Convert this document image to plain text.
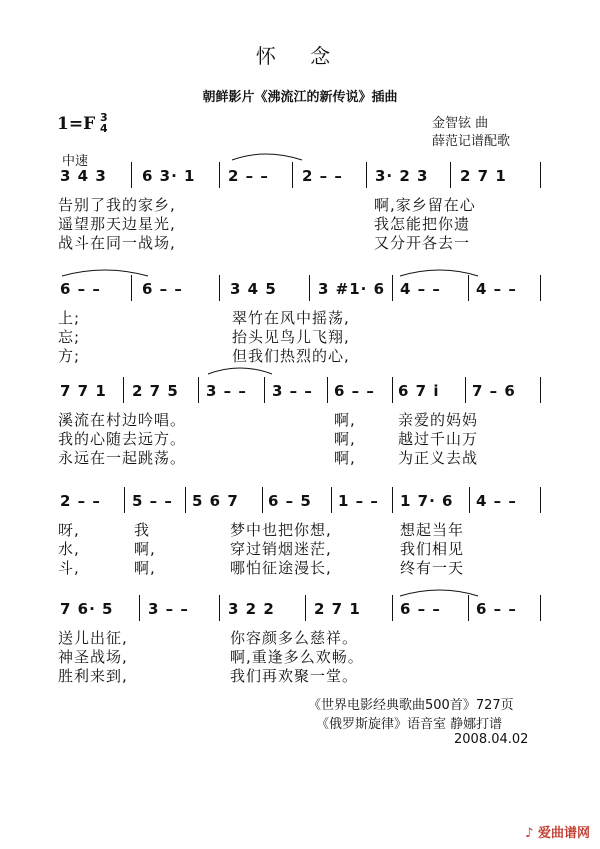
怀 念
朝鲜影片《沸流江的新传说》插曲
1=F 3
4	金智铉 曲
薛范记谱配歌
中速
3 4 3 6 3· 1 2 – – 2 – – 3· 2 3 2 7 1
告别了我的家乡,	啊,家乡留在心
遥望那天边星光,	我怎能把你遗
战斗在同一战场,	又分开各去一
6 – –	6 – –	3 4 5	3 #1· 6 4 – – 4 – –
上;	翠竹在风中摇荡,
忘;	抬头见鸟儿飞翔,
方;	但我们热烈的心,
7 7 1 2 7 5 3 – – 3 – – 6 – – 6 7 i 7 – 6
溪流在村边吟唱。	啊,	亲爱的妈妈
我的心随去远方。	啊,	越过千山万
永远在一起跳荡。	啊,	为正义去战
2 – – 5 – – 5 6 7 6 – 5 1 – – 1 7· 6 4 – –
呀,	我	梦中也把你想,	想起当年
水,	啊,	穿过销烟迷茫,	我们相见
斗,	啊,	哪怕征途漫长,	终有一天
7 6· 5 3 – –	3 2 2	2 7 1	6 – – 6 – –
送儿出征,	你容颜多么慈祥。
神圣战场,	啊,重逢多么欢畅。
胜利来到,	我们再欢聚一堂。
《世界电影经典歌曲500首》727页
《俄罗斯旋律》语音室 静娜打谱
2008.04.02
♪ 爱曲谱网
